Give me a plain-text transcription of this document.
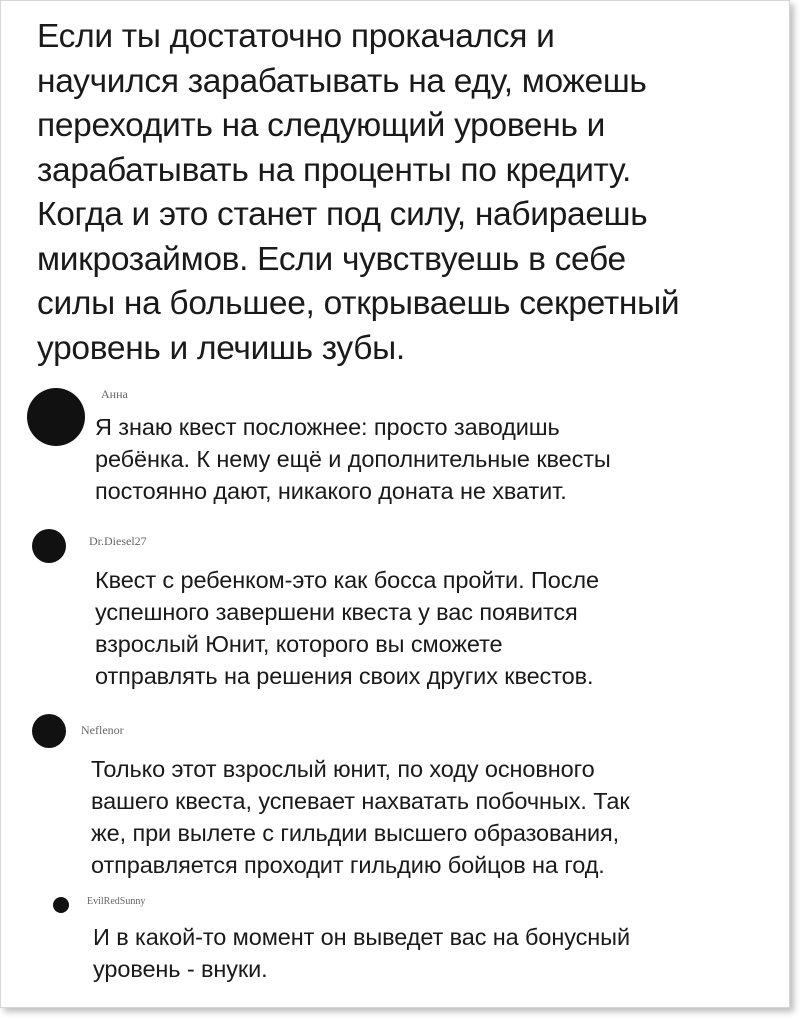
Если ты достаточно прокачался и
научился зарабатывать на еду, можешь
переходить на следующий уровень и
зарабатывать на проценты по кредиту.
Когда и это станет под силу, набираешь
микрозаймов. Если чувствуешь в себе
силы на большее, открываешь секретный
уровень и лечишь зубы.

Анна

Я знаю квест посложнее: просто заводишь
ребёнка. К нему ещё и дополнительные квесты
постоянно дают, никакого доната не хватит.

Dr.Diesel27

Квест с ребенком-это как босса пройти. После
успешного завершени квеста у вас появится
взрослый Юнит, которого вы сможете
отправлять на решения своих других квестов.

Neflenor

Только этот взрослый юнит, по ходу основного
вашего квеста, успевает нахватать побочных. Так
же, при вылете с гильдии высшего образования,
отправляется проходит гильдию бойцов на год.

EvilRedSunny

И в какой-то момент он выведет вас на бонусный
уровень - внуки.
